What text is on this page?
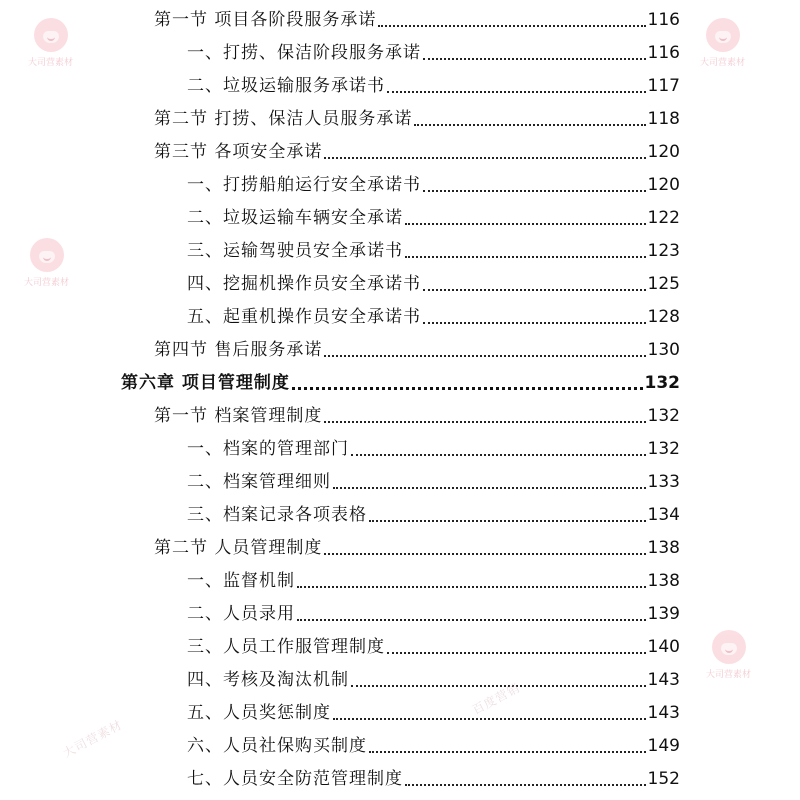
第一节 项目各阶段服务承诺	116
一、打捞、保洁阶段服务承诺	116
二、垃圾运输服务承诺书	117
第二节 打捞、保洁人员服务承诺	118
第三节 各项安全承诺	120
一、打捞船舶运行安全承诺书	120
二、垃圾运输车辆安全承诺	122
三、运输驾驶员安全承诺书	123
四、挖掘机操作员安全承诺书	125
五、起重机操作员安全承诺书	128
第四节 售后服务承诺	130
第六章 项目管理制度	132
第一节 档案管理制度	132
一、档案的管理部门	132
二、档案管理细则	133
三、档案记录各项表格	134
第二节 人员管理制度	138
一、监督机制	138
二、人员录用	139
三、人员工作服管理制度	140
四、考核及淘汰机制	143
五、人员奖惩制度	143
六、人员社保购买制度	149
七、人员安全防范管理制度	152
大司营素材	大司营素材
大司营素材
大司营素材
百度营销
大司营素材
